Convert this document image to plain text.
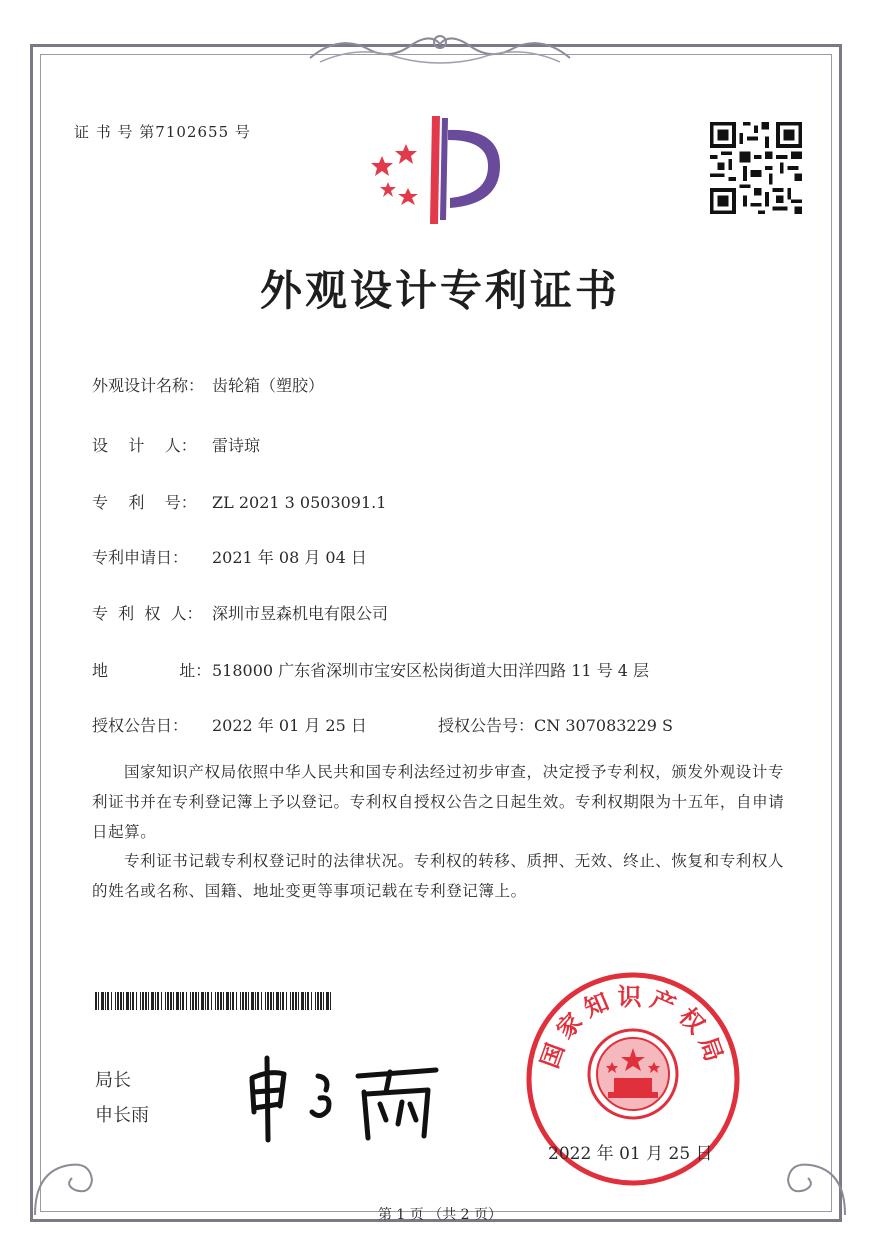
证 书 号 第7102655 号
外观设计专利证书
外观设计名称： 齿轮箱（塑胶）
设    计    人： 雷诗琼
专    利    号： ZL 2021 3 0503091.1
专利申请日： 2021 年 08 月 04 日
专  利  权  人： 深圳市昱森机电有限公司
地              址：518000 广东省深圳市宝安区松岗街道大田洋四路 11 号 4 层
授权公告日： 2022 年 01 月 25 日	授权公告号：CN 307083229 S
国家知识产权局依照中华人民共和国专利法经过初步审查，决定授予专利权，颁发外观设计专利证书并在专利登记簿上予以登记。专利权自授权公告之日起生效。专利权期限为十五年，自申请日起算。
专利证书记载专利权登记时的法律状况。专利权的转移、质押、无效、终止、恢复和专利权人的姓名或名称、国籍、地址变更等事项记载在专利登记簿上。
局长
申长雨
国家知识产权局
2022 年 01 月 25 日
第 1 页 （共 2 页）
